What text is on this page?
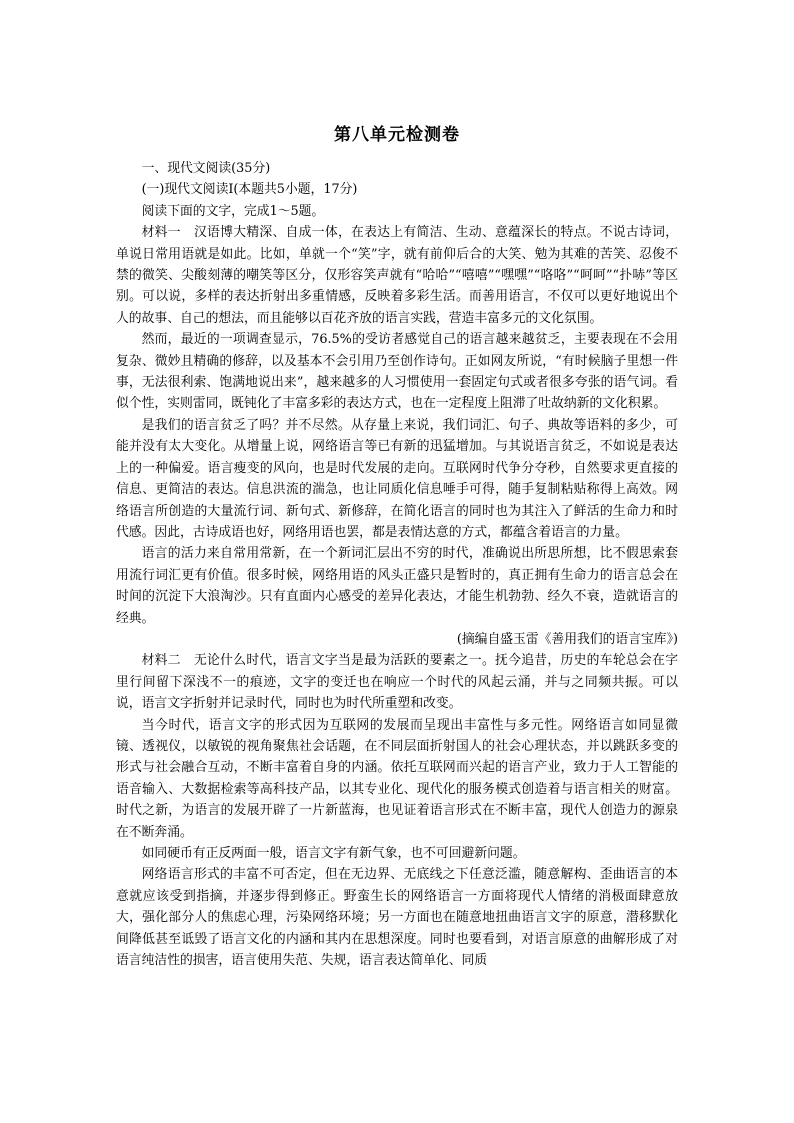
第八单元检测卷

一、现代文阅读(35分)

(一)现代文阅读Ⅰ(本题共5小题，17分)

阅读下面的文字，完成1～5题。

材料一　汉语博大精深、自成一体，在表达上有简洁、生动、意蕴深长的特点。不说古诗词，单说日常用语就是如此。比如，单就一个“笑”字，就有前仰后合的大笑、勉为其难的苦笑、忍俊不禁的微笑、尖酸刻薄的嘲笑等区分，仅形容笑声就有“哈哈”“嘻嘻”“嘿嘿”“咯咯”“呵呵”“扑哧”等区别。可以说，多样的表达折射出多重情感，反映着多彩生活。而善用语言，不仅可以更好地说出个人的故事、自己的想法，而且能够以百花齐放的语言实践，营造丰富多元的文化氛围。

然而，最近的一项调查显示，76.5%的受访者感觉自己的语言越来越贫乏，主要表现在不会用复杂、微妙且精确的修辞，以及基本不会引用乃至创作诗句。正如网友所说，“有时候脑子里想一件事，无法很利索、饱满地说出来”，越来越多的人习惯使用一套固定句式或者很多夸张的语气词。看似个性，实则雷同，既钝化了丰富多彩的表达方式，也在一定程度上阻滞了吐故纳新的文化积累。

是我们的语言贫乏了吗？并不尽然。从存量上来说，我们词汇、句子、典故等语料的多少，可能并没有太大变化。从增量上说，网络语言等已有新的迅猛增加。与其说语言贫乏，不如说是表达上的一种偏爱。语言瘦变的风向，也是时代发展的走向。互联网时代争分夺秒，自然要求更直接的信息、更简洁的表达。信息洪流的湍急，也让同质化信息唾手可得，随手复制粘贴称得上高效。网络语言所创造的大量流行词、新句式、新修辞，在简化语言的同时也为其注入了鲜活的生命力和时代感。因此，古诗成语也好，网络用语也罢，都是表情达意的方式，都蕴含着语言的力量。

语言的活力来自常用常新，在一个新词汇层出不穷的时代，准确说出所思所想，比不假思索套用流行词汇更有价值。很多时候，网络用语的风头正盛只是暂时的，真正拥有生命力的语言总会在时间的沉淀下大浪淘沙。只有直面内心感受的差异化表达，才能生机勃勃、经久不衰，造就语言的经典。

(摘编自盛玉雷《善用我们的语言宝库》)

材料二　无论什么时代，语言文字当是最为活跃的要素之一。抚今追昔，历史的车轮总会在字里行间留下深浅不一的痕迹，文字的变迁也在响应一个时代的风起云涌，并与之同频共振。可以说，语言文字折射并记录时代，同时也为时代所重塑和改变。

当今时代，语言文字的形式因为互联网的发展而呈现出丰富性与多元性。网络语言如同显微镜、透视仪，以敏锐的视角聚焦社会话题，在不同层面折射国人的社会心理状态，并以跳跃多变的形式与社会融合互动，不断丰富着自身的内涵。依托互联网而兴起的语言产业，致力于人工智能的语音输入、大数据检索等高科技产品，以其专业化、现代化的服务模式创造着与语言相关的财富。时代之新，为语言的发展开辟了一片新蓝海，也见证着语言形式在不断丰富，现代人创造力的源泉在不断奔涌。

如同硬币有正反两面一般，语言文字有新气象，也不可回避新问题。

网络语言形式的丰富不可否定，但在无边界、无底线之下任意泛滥，随意解构、歪曲语言的本意就应该受到指摘，并逐步得到修正。野蛮生长的网络语言一方面将现代人情绪的消极面肆意放大，强化部分人的焦虑心理，污染网络环境；另一方面也在随意地扭曲语言文字的原意，潜移默化间降低甚至诋毁了语言文化的内涵和其内在思想深度。同时也要看到，对语言原意的曲解形成了对语言纯洁性的损害，语言使用失范、失规，语言表达简单化、同质
